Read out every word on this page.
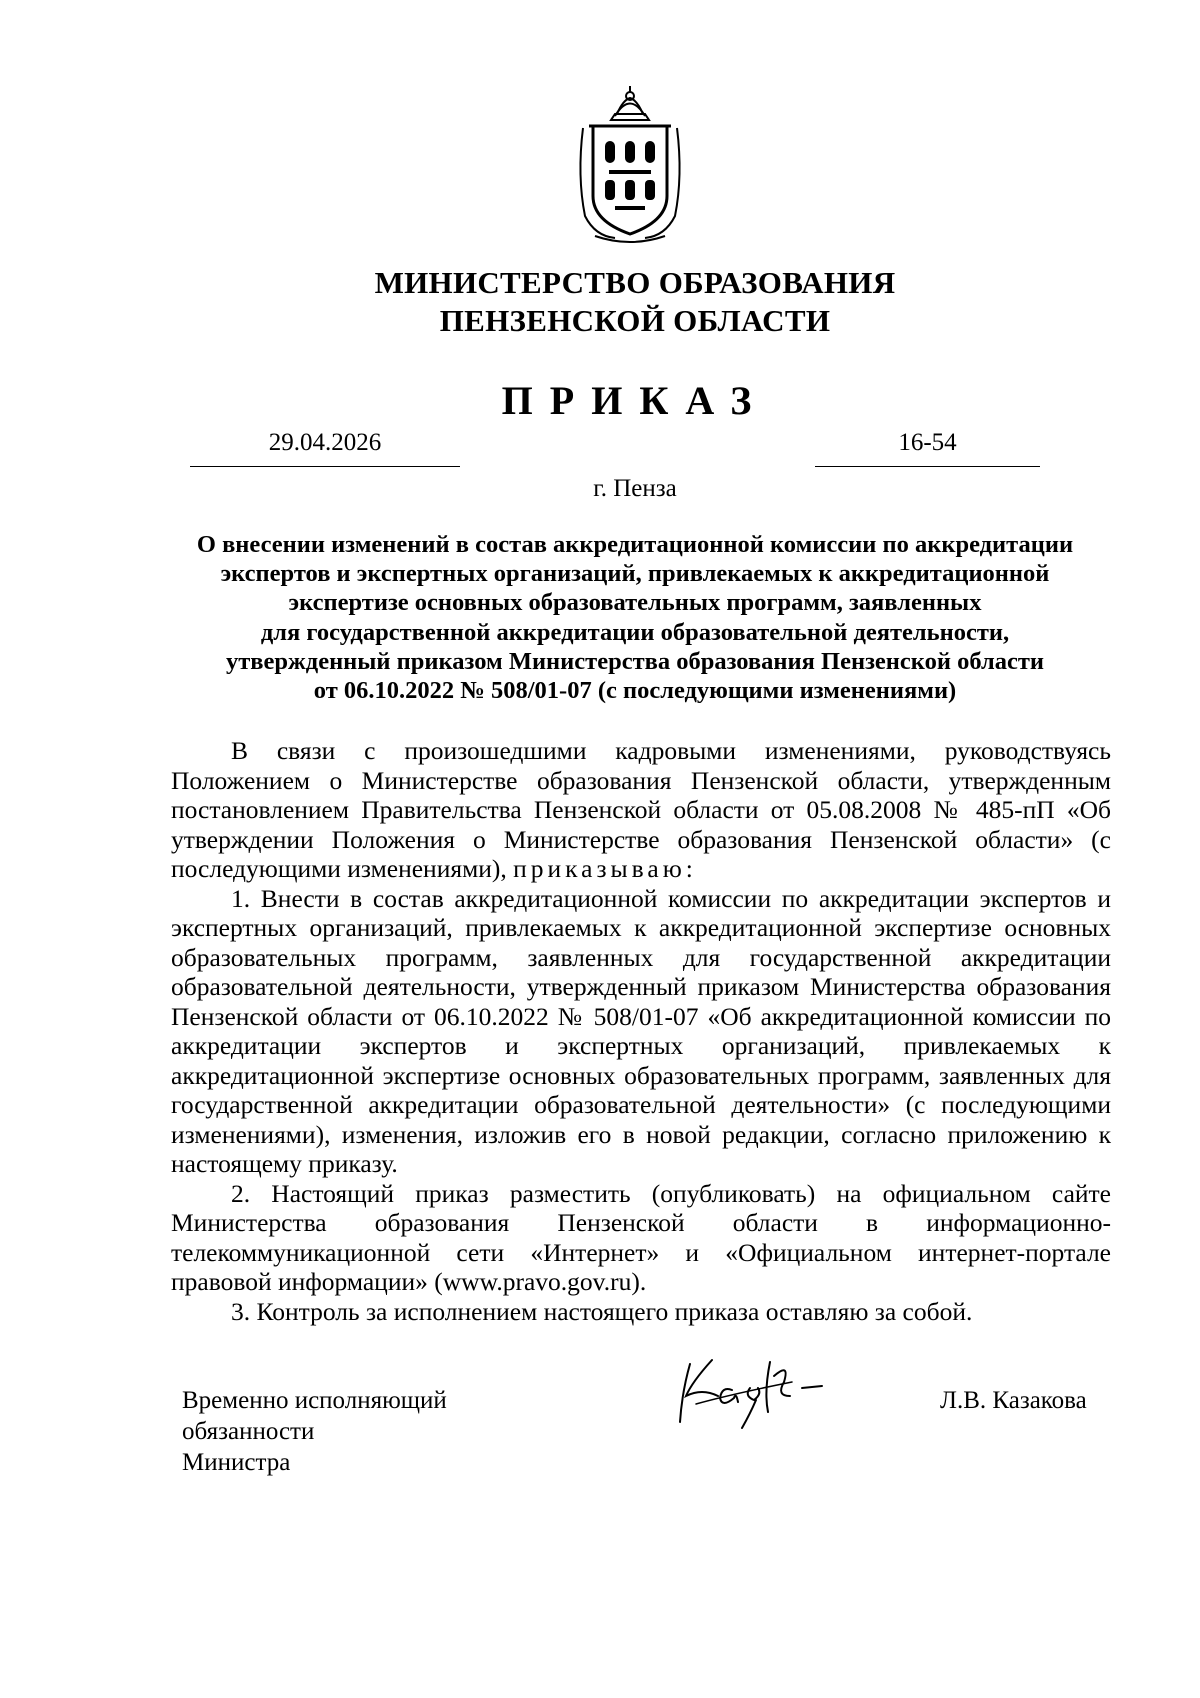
МИНИСТЕРСТВО ОБРАЗОВАНИЯ
ПЕНЗЕНСКОЙ ОБЛАСТИ
ПРИКАЗ
29.04.2026	16-54
г. Пенза
О внесении изменений в состав аккредитационной комиссии по аккредитации
экспертов и экспертных организаций, привлекаемых к аккредитационной
экспертизе основных образовательных программ, заявленных
для государственной аккредитации образовательной деятельности,
утвержденный приказом Министерства образования Пензенской области
от 06.10.2022 № 508/01-07 (с последующими изменениями)

В связи с произошедшими кадровыми изменениями, руководствуясь Положением о Министерстве образования Пензенской области, утвержденным постановлением Правительства Пензенской области от 05.08.2008 № 485-пП «Об утверждении Положения о Министерстве образования Пензенской области» (с последующими изменениями), приказываю:

1. Внести в состав аккредитационной комиссии по аккредитации экспертов и экспертных организаций, привлекаемых к аккредитационной экспертизе основных образовательных программ, заявленных для государственной аккредитации образовательной деятельности, утвержденный приказом Министерства образования Пензенской области от 06.10.2022 № 508/01-07 «Об аккредитационной комиссии по аккредитации экспертов и экспертных организаций, привлекаемых к аккредитационной экспертизе основных образовательных программ, заявленных для государственной аккредитации образовательной деятельности» (с последующими изменениями), изменения, изложив его в новой редакции, согласно приложению к настоящему приказу.

2. Настоящий приказ разместить (опубликовать) на официальном сайте Министерства образования Пензенской области в информационно-телекоммуникационной сети «Интернет» и «Официальном интернет-портале правовой информации» (www.pravo.gov.ru).

3. Контроль за исполнением настоящего приказа оставляю за собой.

Временно исполняющий
обязанности
Министра
Л.В. Казакова
